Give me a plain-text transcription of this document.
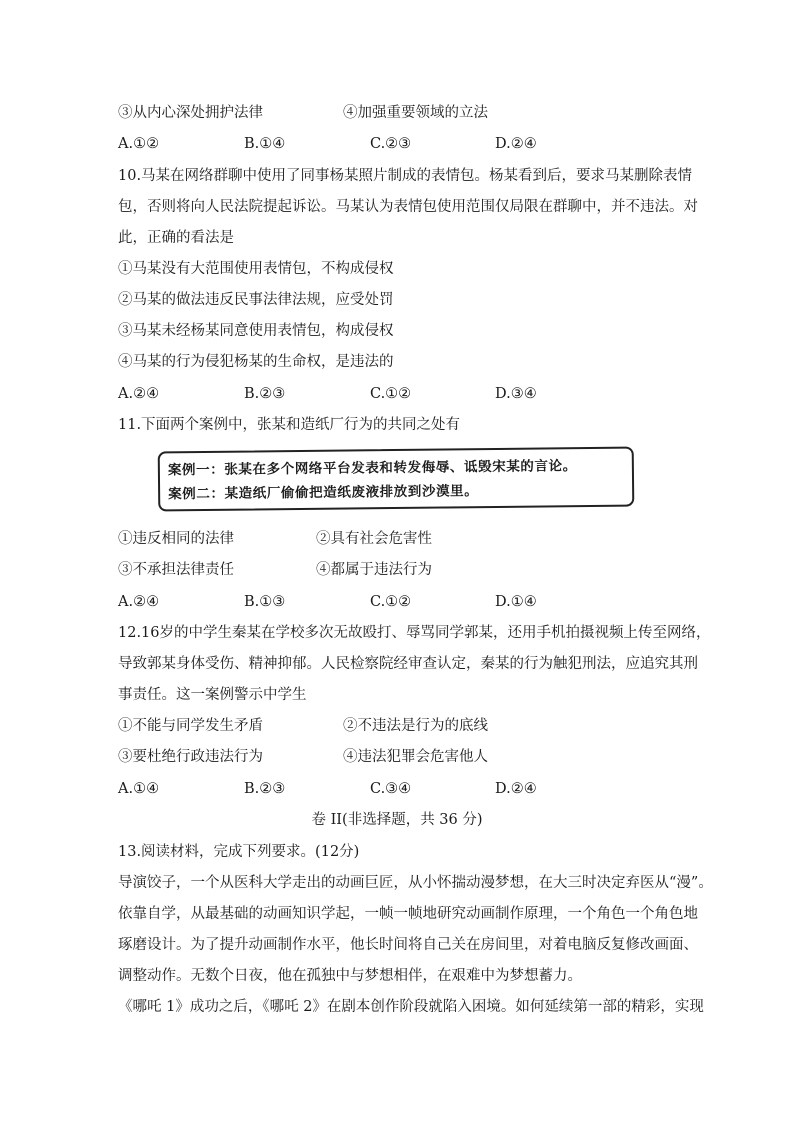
③从内心深处拥护法律	④加强重要领域的立法
A.①②	B.①④	C.②③	D.②④
10.马某在网络群聊中使用了同事杨某照片制成的表情包。杨某看到后，要求马某删除表情
包，否则将向人民法院提起诉讼。马某认为表情包使用范围仅局限在群聊中，并不违法。对
此，正确的看法是
①马某没有大范围使用表情包，不构成侵权
②马某的做法违反民事法律法规，应受处罚
③马某未经杨某同意使用表情包，构成侵权
④马某的行为侵犯杨某的生命权，是违法的
A.②④	B.②③	C.①②	D.③④
11.下面两个案例中，张某和造纸厂行为的共同之处有
案例一：张某在多个网络平台发表和转发侮辱、诋毁宋某的言论。
案例二：某造纸厂偷偷把造纸废液排放到沙漠里。
①违反相同的法律	②具有社会危害性
③不承担法律责任	④都属于违法行为
A.②④	B.①③	C.①②	D.①④
12.16岁的中学生秦某在学校多次无故殴打、辱骂同学郭某，还用手机拍摄视频上传至网络，
导致郭某身体受伤、精神抑郁。人民检察院经审查认定，秦某的行为触犯刑法，应追究其刑
事责任。这一案例警示中学生
①不能与同学发生矛盾	②不违法是行为的底线
③要杜绝行政违法行为	④违法犯罪会危害他人
A.①④	B.②③	C.③④	D.②④
卷 II(非选择题，共 36 分)
13.阅读材料，完成下列要求。(12分)
导演饺子，一个从医科大学走出的动画巨匠，从小怀揣动漫梦想，在大三时决定弃医从“漫”。
依靠自学，从最基础的动画知识学起，一帧一帧地研究动画制作原理，一个角色一个角色地
琢磨设计。为了提升动画制作水平，他长时间将自己关在房间里，对着电脑反复修改画面、
调整动作。无数个日夜，他在孤独中与梦想相伴，在艰难中为梦想蓄力。
《哪吒 1》成功之后，《哪吒 2》在剧本创作阶段就陷入困境。如何延续第一部的精彩，实现
